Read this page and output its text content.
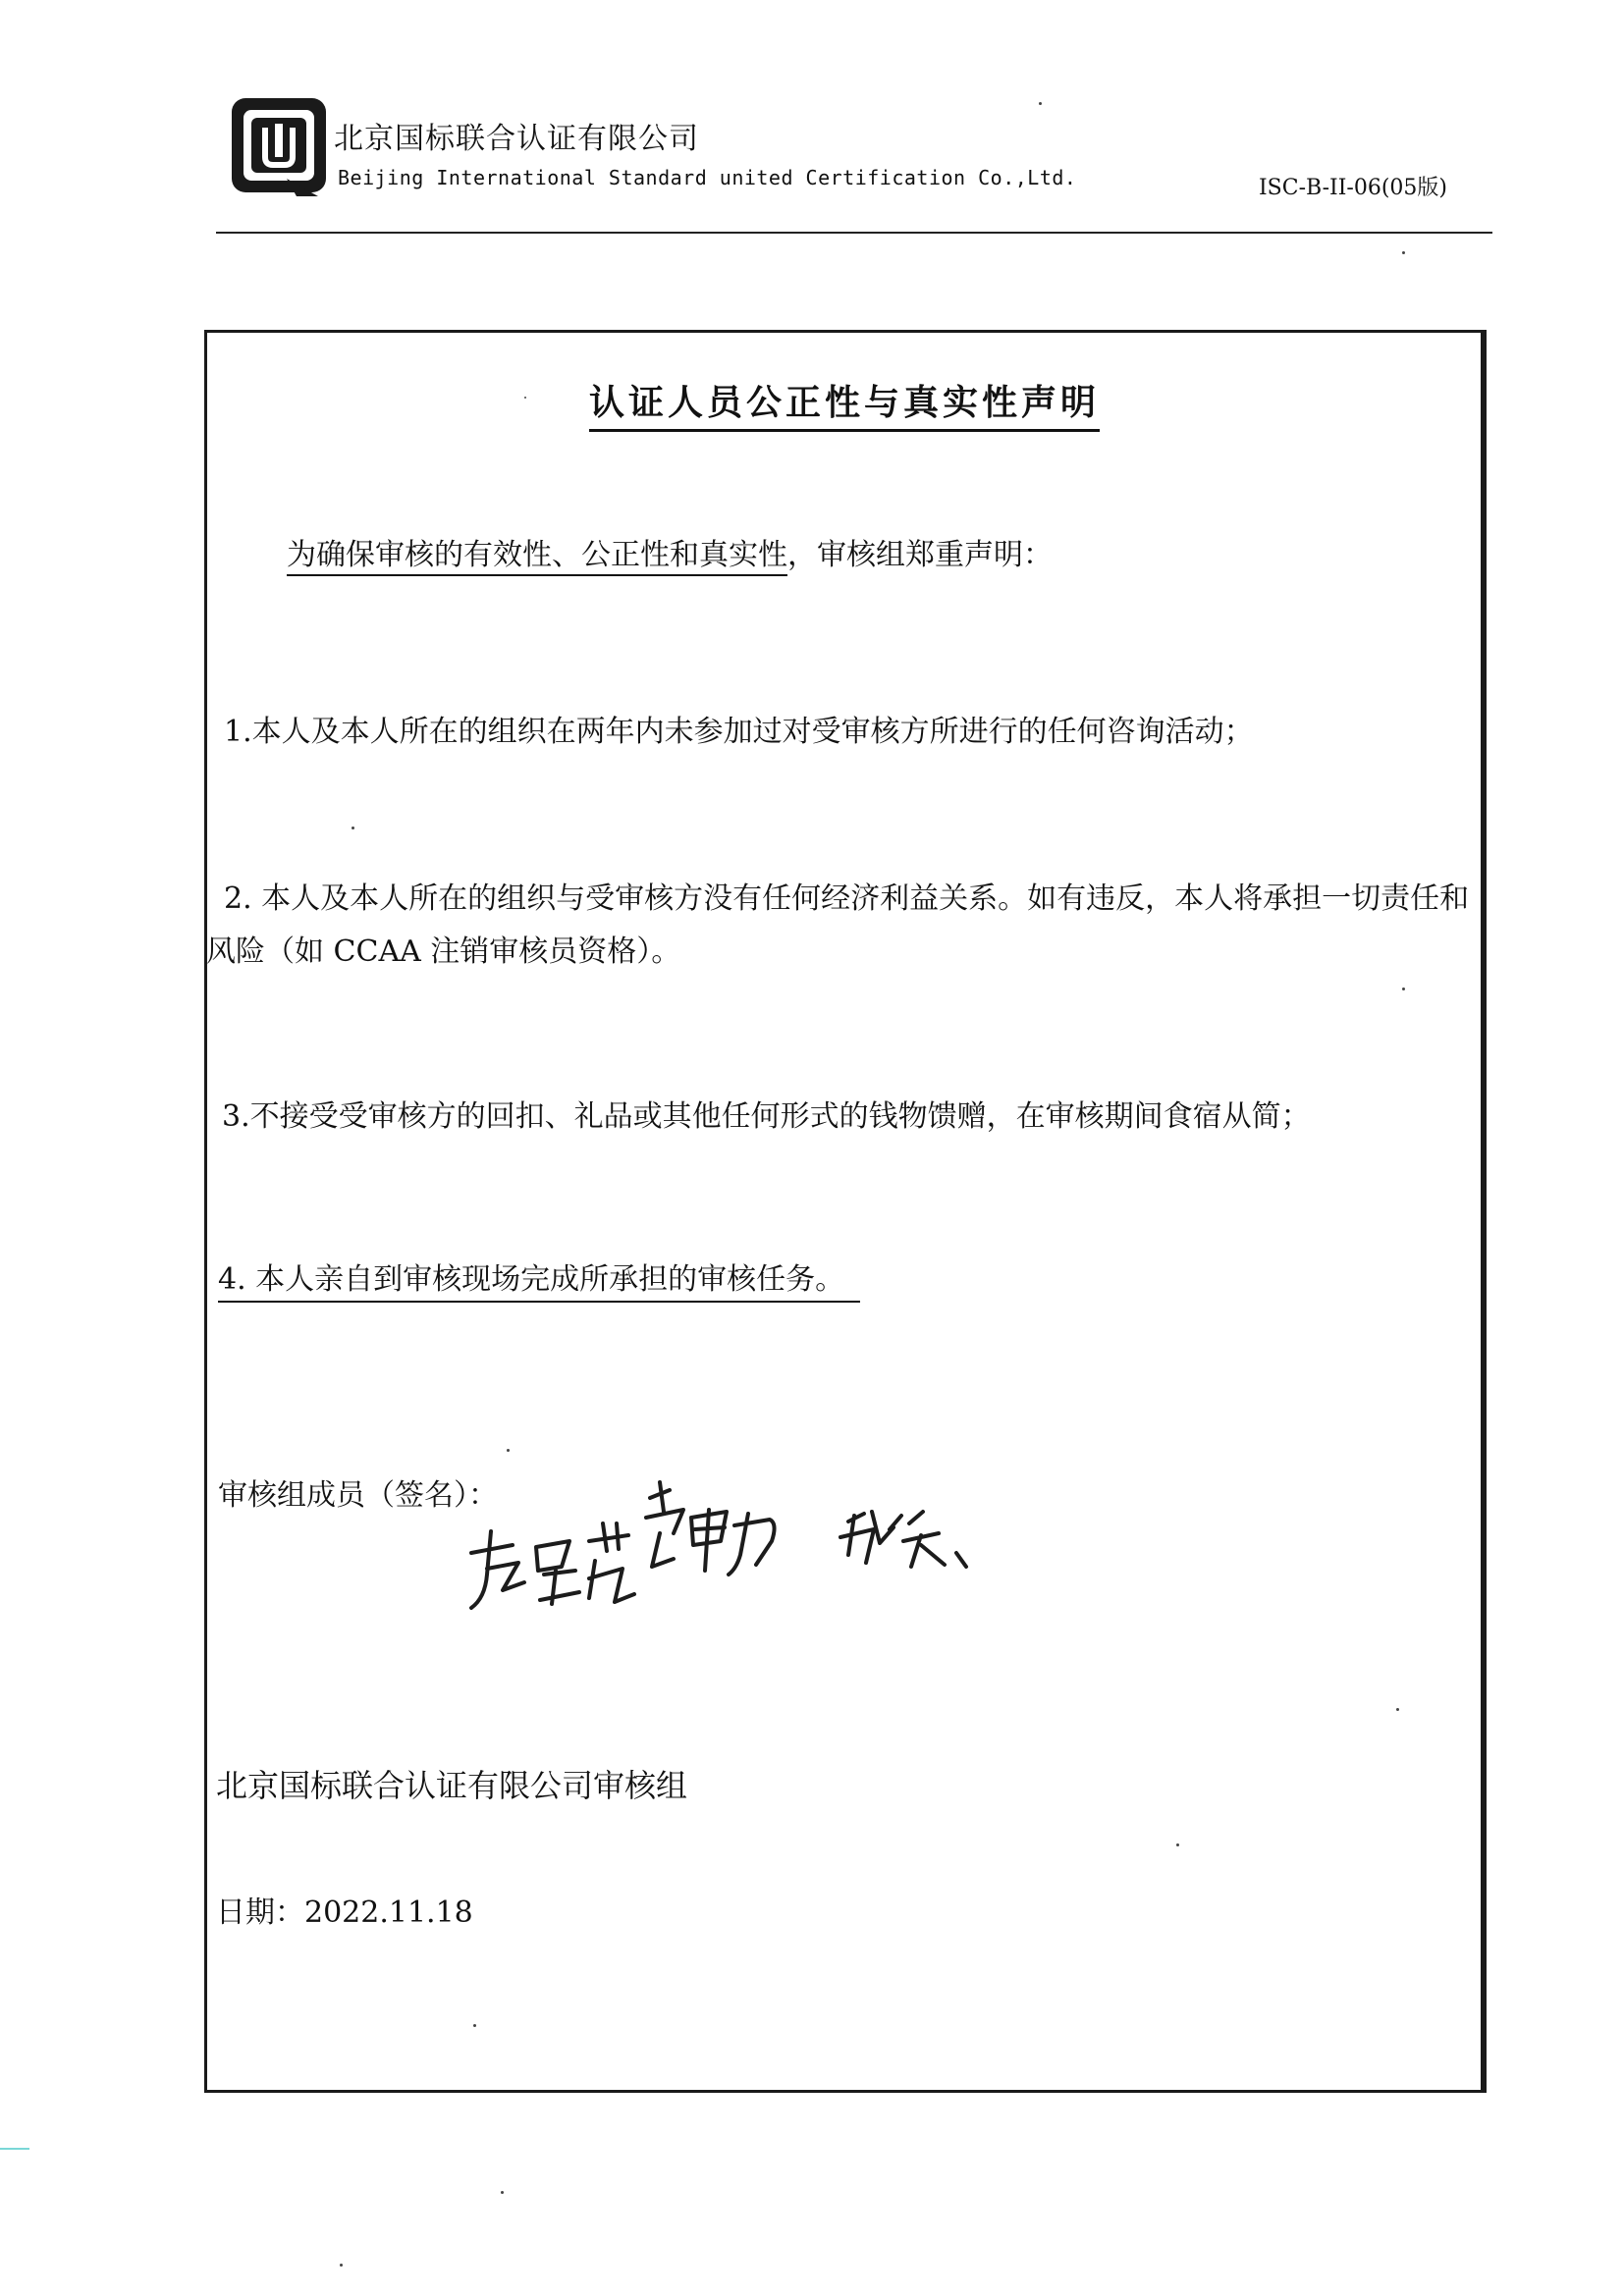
北京国标联合认证有限公司
Beijing International Standard united Certification Co.,Ltd.	ISC-B-II-06(05版)
认证人员公正性与真实性声明
为确保审核的有效性、公正性和真实性，审核组郑重声明：
1.本人及本人所在的组织在两年内未参加过对受审核方所进行的任何咨询活动；
2. 本人及本人所在的组织与受审核方没有任何经济利益关系。如有违反，本人将承担一切责任和
风险（如 CCAA 注销审核员资格）。
3.不接受受审核方的回扣、礼品或其他任何形式的钱物馈赠，在审核期间食宿从简；
4. 本人亲自到审核现场完成所承担的审核任务。
审核组成员（签名）：
北京国标联合认证有限公司审核组
日期：2022.11.18
